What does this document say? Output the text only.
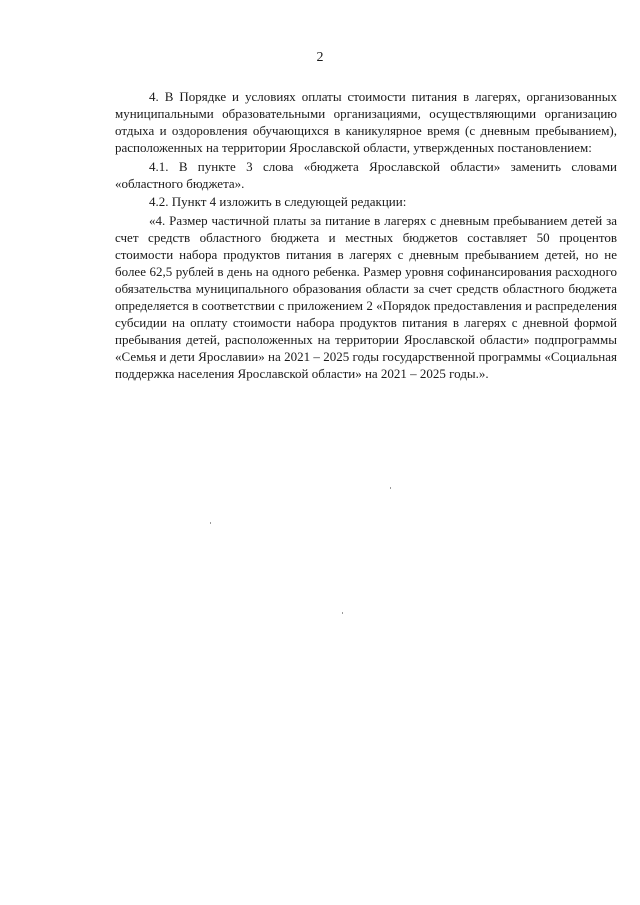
2

4. В Порядке и условиях оплаты стоимости питания в лагерях, организованных муниципальными образовательными организациями, осуществляющими организацию отдыха и оздоровления обучающихся в каникулярное время (с дневным пребыванием), расположенных на территории Ярославской области, утвержденных постановлением:

4.1. В пункте 3 слова «бюджета Ярославской области» заменить словами «областного бюджета».

4.2. Пункт 4 изложить в следующей редакции:

«4. Размер частичной платы за питание в лагерях с дневным пребыванием детей за счет средств областного бюджета и местных бюджетов составляет 50 процентов стоимости набора продуктов питания в лагерях с дневным пребыванием детей, но не более 62,5 рублей в день на одного ребенка. Размер уровня софинансирования расходного обязательства муниципального образования области за счет средств областного бюджета определяется в соответствии с приложением 2 «Порядок предоставления и распределения субсидии на оплату стоимости набора продуктов питания в лагерях с дневной формой пребывания детей, расположенных на территории Ярославской области» подпрограммы «Семья и дети Ярославии» на 2021 – 2025 годы государственной программы «Социальная поддержка населения Ярославской области» на 2021 – 2025 годы.».
